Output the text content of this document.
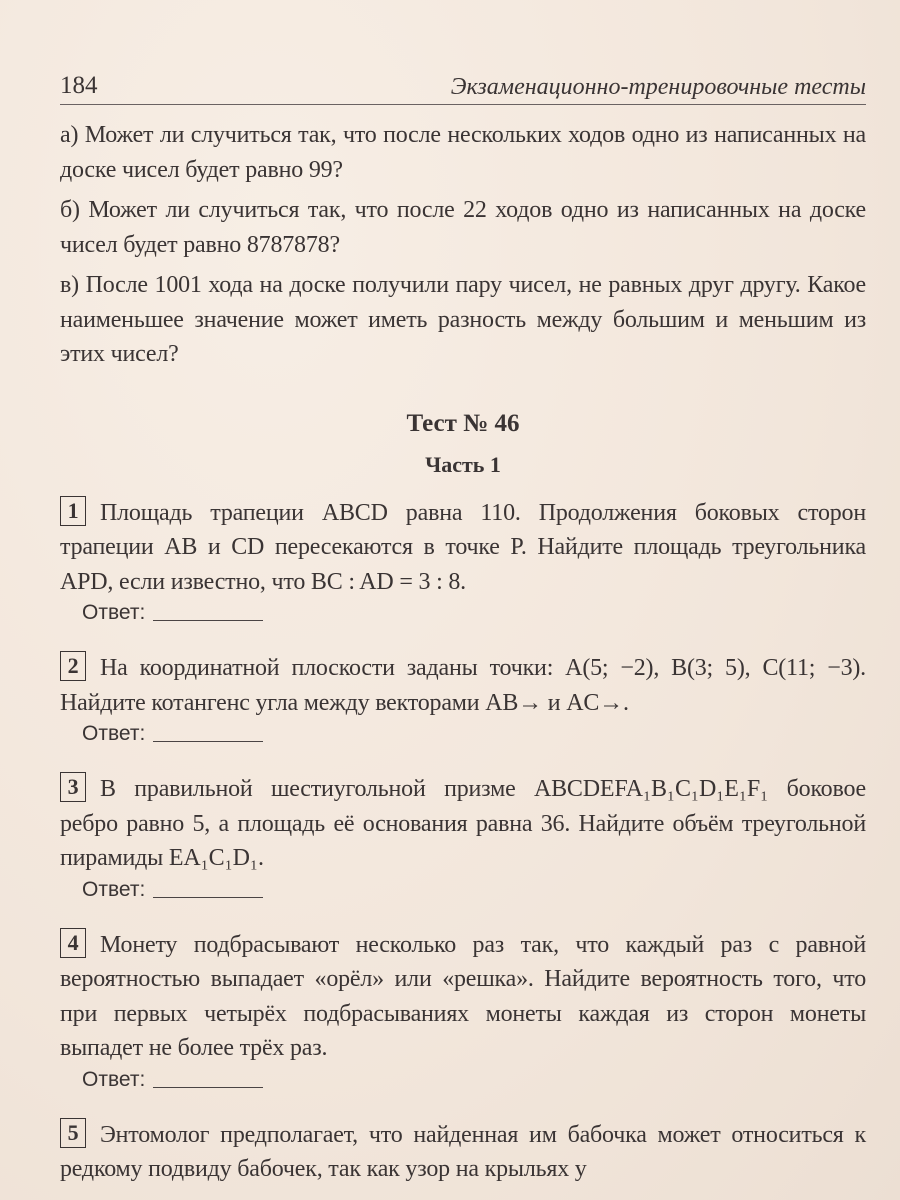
184	Экзаменационно-тренировочные тесты

а) Может ли случиться так, что после нескольких ходов одно из написанных на доске чисел будет равно 99?

б) Может ли случиться так, что после 22 ходов одно из написанных на доске чисел будет равно 8787878?

в) После 1001 хода на доске получили пару чисел, не равных друг другу. Какое наименьшее значение может иметь разность между большим и меньшим из этих чисел?

Тест № 46
Часть 1

1 Площадь трапеции ABCD равна 110. Продолжения боковых сторон трапеции AB и CD пересекаются в точке P. Найдите площадь треугольника APD, если известно, что BC : AD = 3 : 8.

Ответ:

2 На координатной плоскости заданы точки: A(5; −2), B(3; 5), C(11; −3). Найдите котангенс угла между векторами AB→ и AC→.

Ответ:

3 В правильной шестиугольной призме ABCDEFA₁B₁C₁D₁E₁F₁ боковое ребро равно 5, а площадь её основания равна 36. Найдите объём треугольной пирамиды EA₁C₁D₁.

Ответ:

4 Монету подбрасывают несколько раз так, что каждый раз с равной вероятностью выпадает «орёл» или «решка». Найдите вероятность того, что при первых четырёх подбрасываниях монеты каждая из сторон монеты выпадет не более трёх раз.

Ответ:

5 Энтомолог предполагает, что найденная им бабочка может относиться к редкому подвиду бабочек, так как узор на крыльях у
